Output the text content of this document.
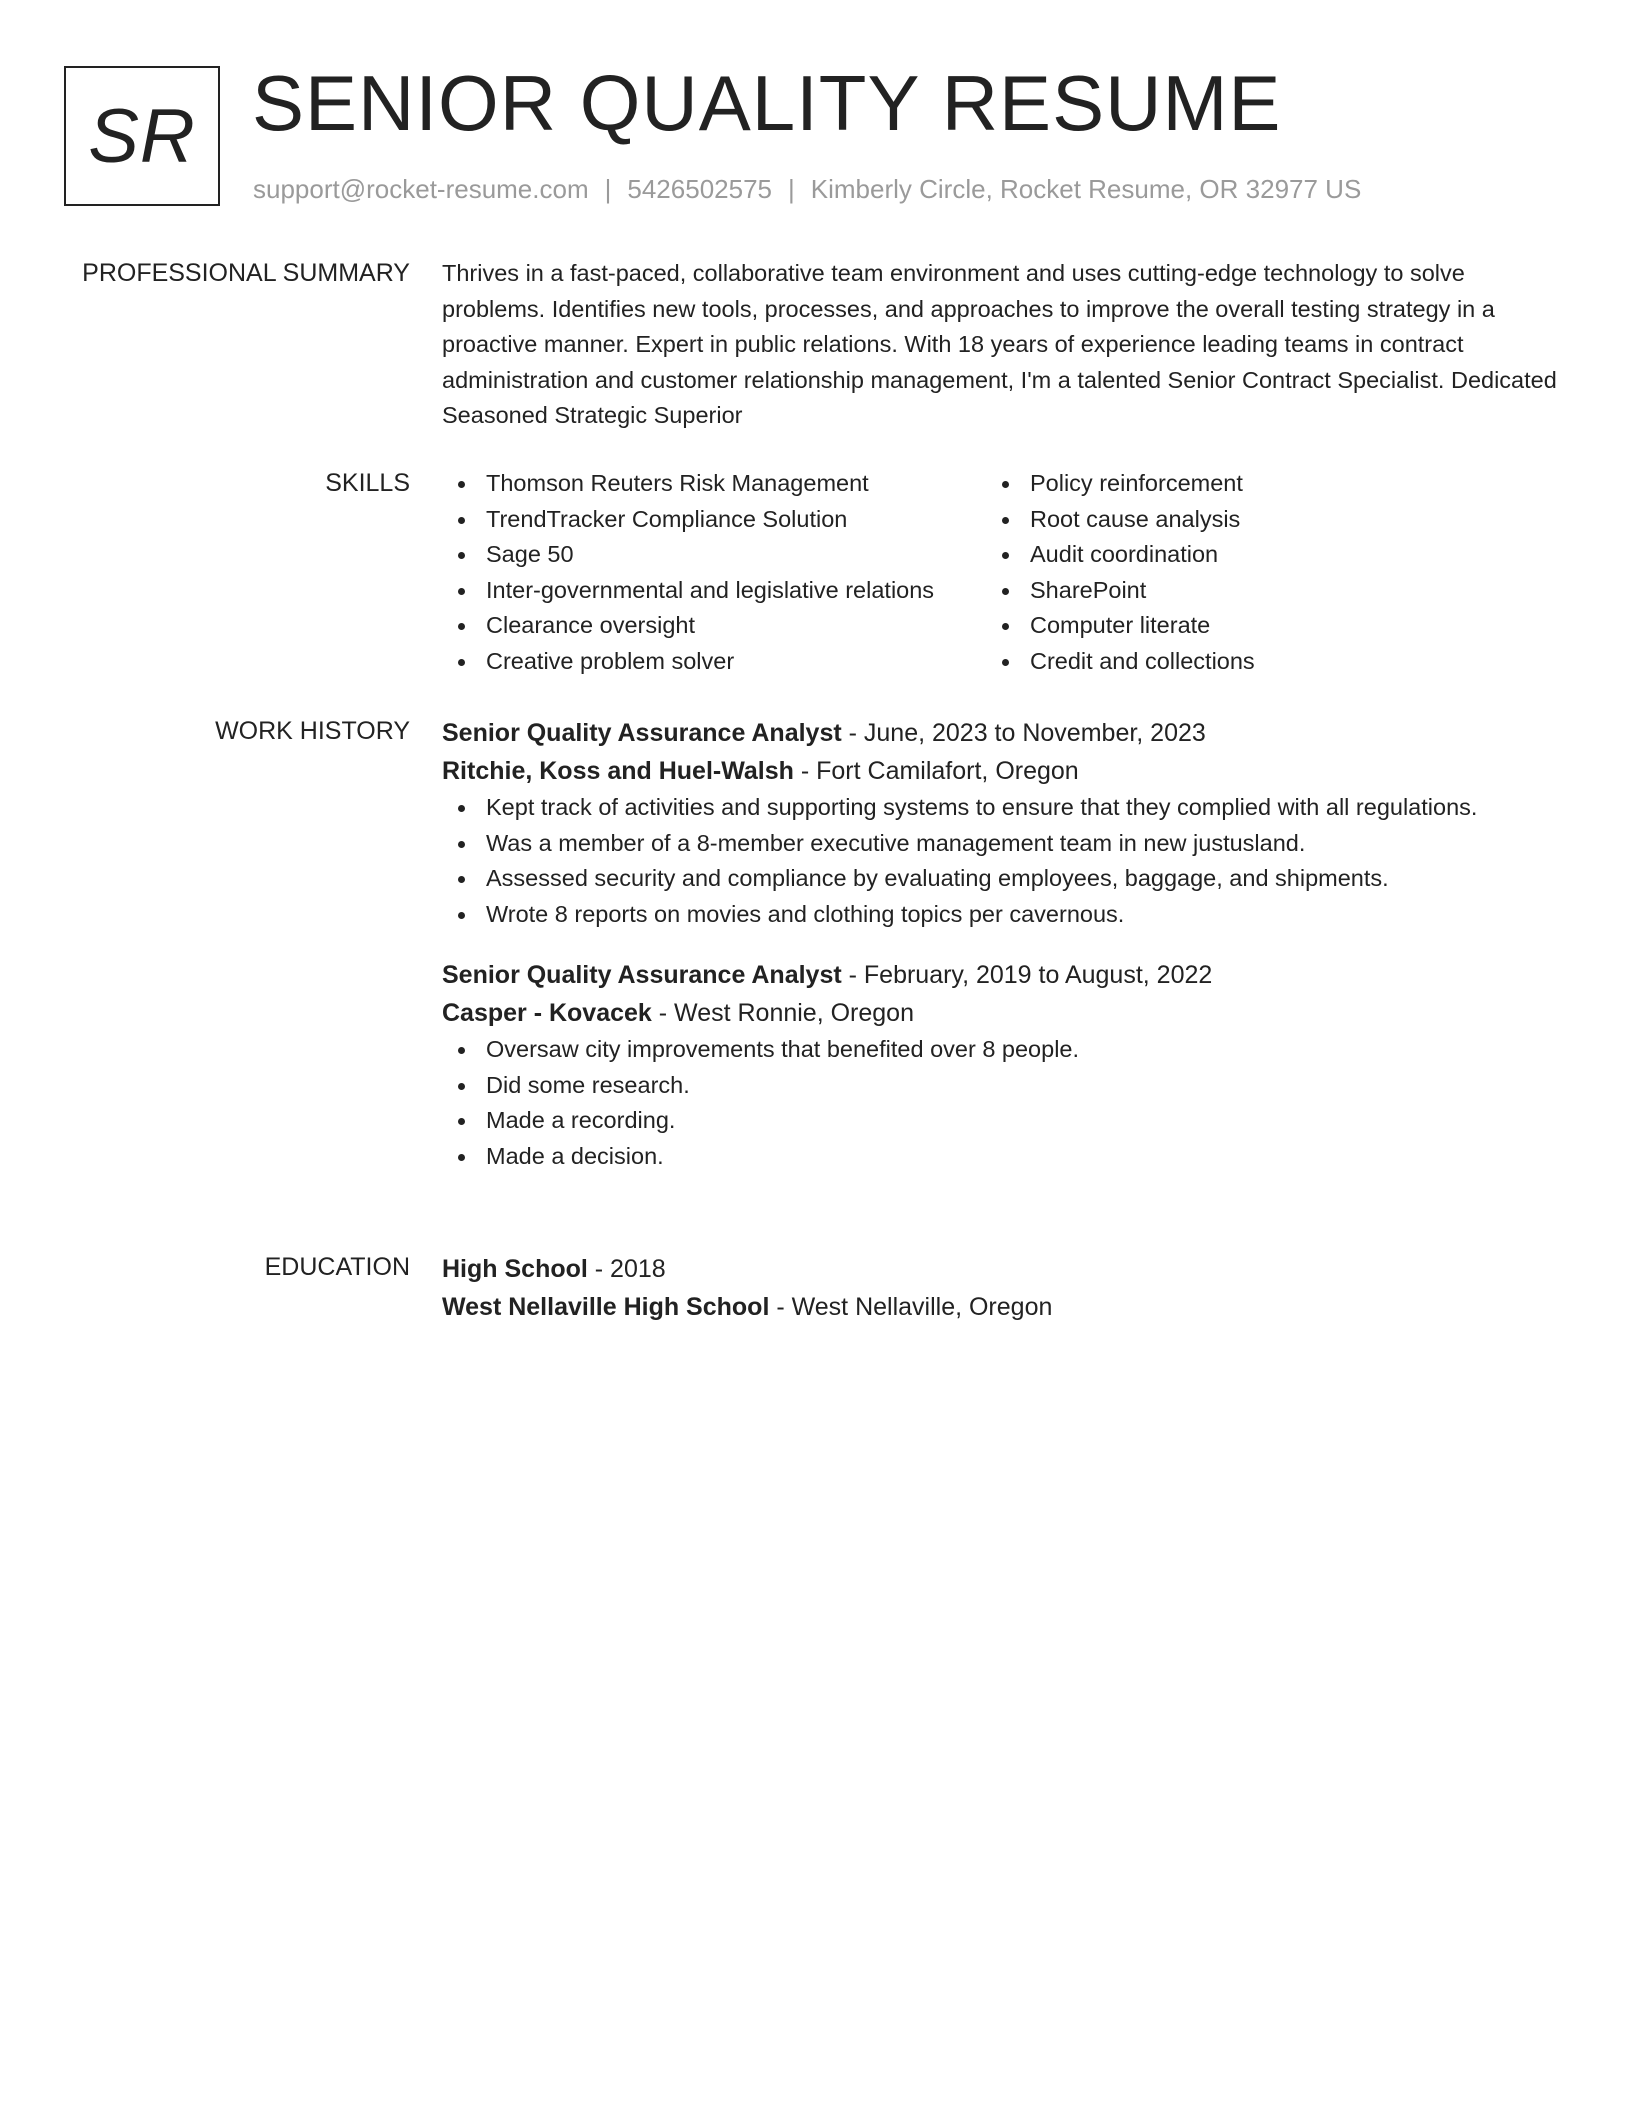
SR SENIOR QUALITY RESUME
support@rocket-resume.com | 5426502575 | Kimberly Circle, Rocket Resume, OR 32977 US
PROFESSIONAL SUMMARY Thrives in a fast-paced, collaborative team environment and uses cutting-edge technology to solve problems. Identifies new tools, processes, and approaches to improve the overall testing strategy in a proactive manner. Expert in public relations. With 18 years of experience leading teams in contract administration and customer relationship management, I'm a talented Senior Contract Specialist. Dedicated Seasoned Strategic Superior

SKILLS	Thomson Reuters Risk Management
TrendTracker Compliance Solution
Sage 50
Inter-governmental and legislative relations
Clearance oversight
Creative problem solver
Policy reinforcement
Root cause analysis
Audit coordination
SharePoint
Computer literate
Credit and collections
WORK HISTORY Senior Quality Assurance Analyst - June, 2023 to November, 2023
Ritchie, Koss and Huel-Walsh - Fort Camilafort, Oregon
Kept track of activities and supporting systems to ensure that they complied with all regulations.
Was a member of a 8-member executive management team in new justusland.
Assessed security and compliance by evaluating employees, baggage, and shipments.
Wrote 8 reports on movies and clothing topics per cavernous.
Senior Quality Assurance Analyst - February, 2019 to August, 2022
Casper - Kovacek - West Ronnie, Oregon
Oversaw city improvements that benefited over 8 people.
Did some research.
Made a recording.
Made a decision.
EDUCATION High School - 2018
West Nellaville High School - West Nellaville, Oregon
